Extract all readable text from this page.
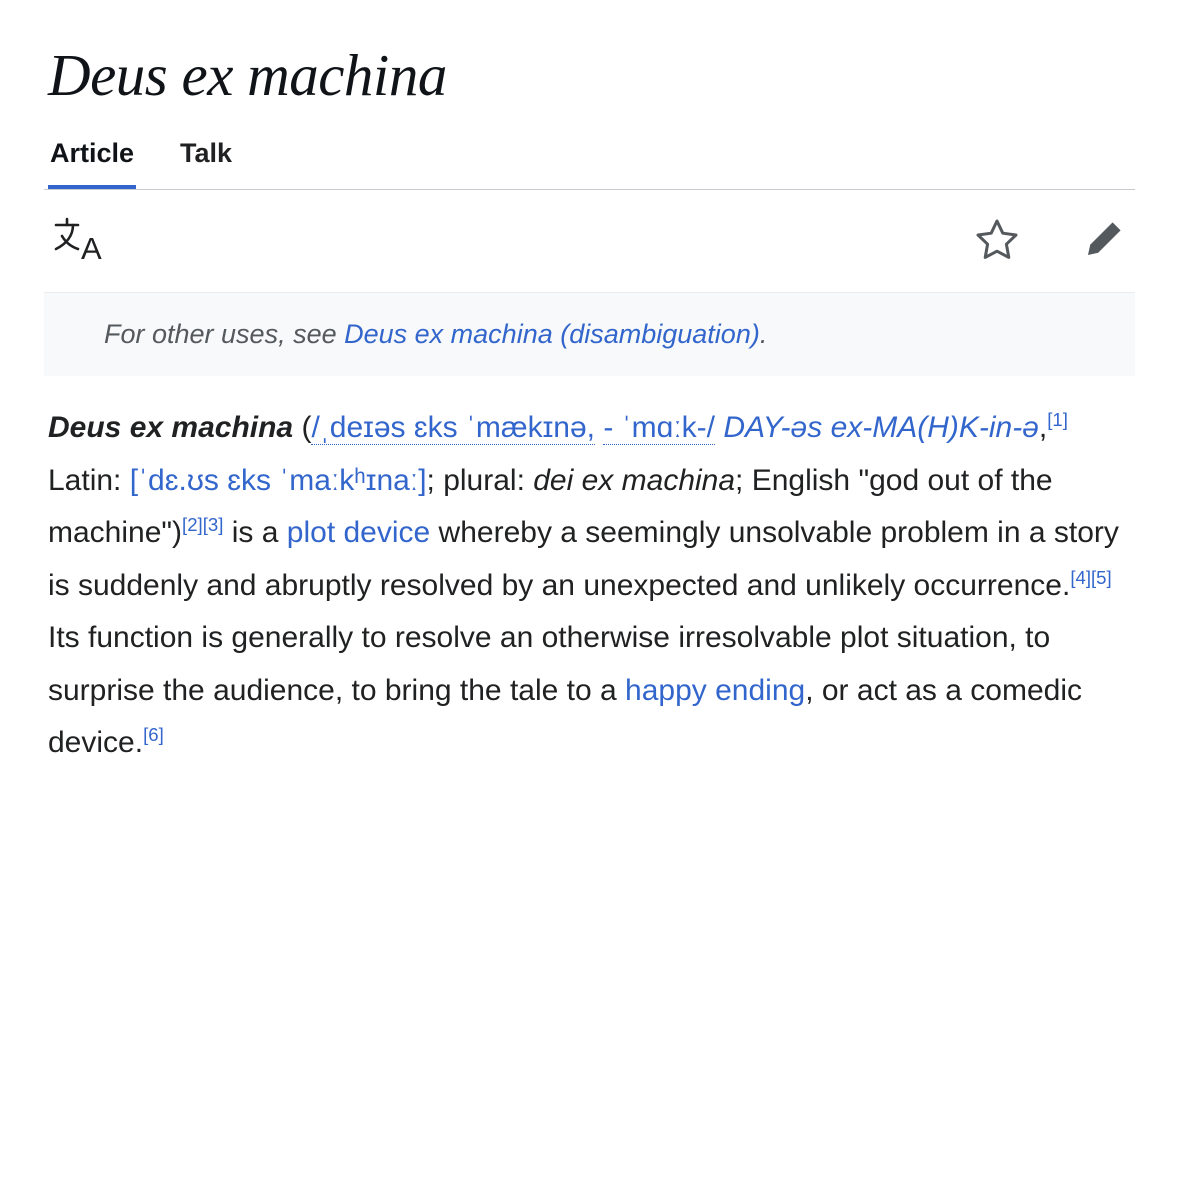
Deus ex machina
Article Talk
A
For other uses, see Deus ex machina (disambiguation).

Deus ex machina (/ˌdeɪəs ɛks ˈmækɪnə, - ˈmɑːk-/ DAY-əs ex-MA(H)K-in-ə,[1] Latin: [ˈdɛ.ʊs ɛks ˈmaːkʰɪnaː]; plural: dei ex machina; English "god out of the machine")[2][3] is a plot device whereby a seemingly unsolvable problem in a story is suddenly and abruptly resolved by an unexpected and unlikely occurrence.[4][5] Its function is generally to resolve an otherwise irresolvable plot situation, to surprise the audience, to bring the tale to a happy ending, or act as a comedic device.[6]
